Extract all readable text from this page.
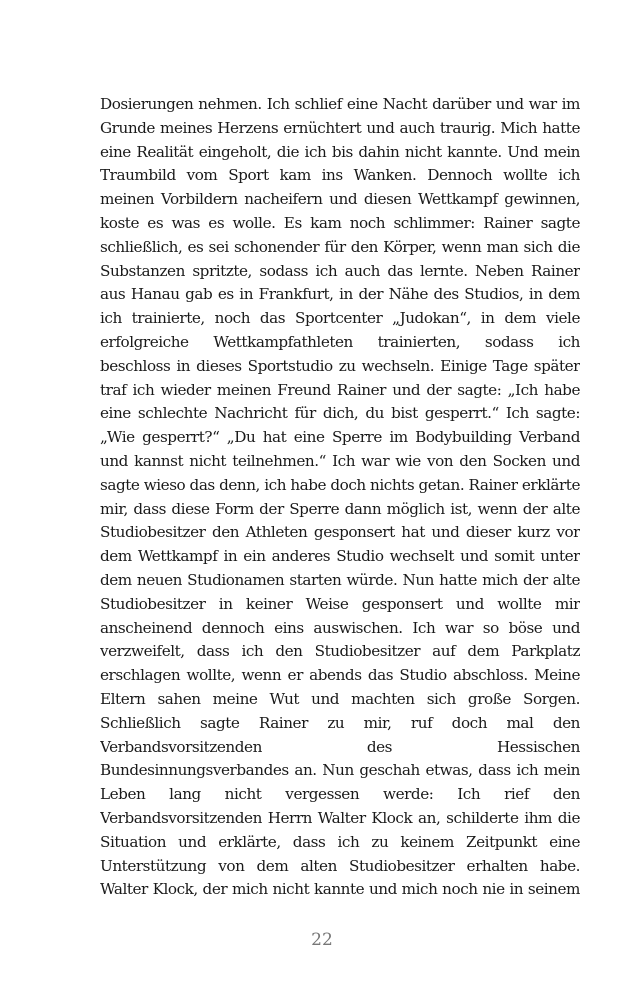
Dosierungen nehmen. Ich schlief eine Nacht darüber und war im
Grunde meines Herzens ernüchtert und auch traurig. Mich hatte
eine Realität eingeholt, die ich bis dahin nicht kannte. Und mein
Traumbild vom Sport kam ins Wanken. Dennoch wollte ich
meinen Vorbildern nacheifern und diesen Wettkampf gewinnen,
koste es was es wolle. Es kam noch schlimmer: Rainer sagte
schließlich, es sei schonender für den Körper, wenn man sich die
Substanzen spritzte, sodass ich auch das lernte. Neben Rainer
aus Hanau gab es in Frankfurt, in der Nähe des Studios, in dem
ich trainierte, noch das Sportcenter „Judokan“, in dem viele
erfolgreiche Wettkampfathleten trainierten, sodass ich
beschloss in dieses Sportstudio zu wechseln. Einige Tage später
traf ich wieder meinen Freund Rainer und der sagte: „Ich habe
eine schlechte Nachricht für dich, du bist gesperrt.“ Ich sagte:
„Wie gesperrt?“ „Du hat eine Sperre im Bodybuilding Verband
und kannst nicht teilnehmen.“ Ich war wie von den Socken und
sagte wieso das denn, ich habe doch nichts getan. Rainer erklärte
mir, dass diese Form der Sperre dann möglich ist, wenn der alte
Studiobesitzer den Athleten gesponsert hat und dieser kurz vor
dem Wettkampf in ein anderes Studio wechselt und somit unter
dem neuen Studionamen starten würde. Nun hatte mich der alte
Studiobesitzer in keiner Weise gesponsert und wollte mir
anscheinend dennoch eins auswischen. Ich war so böse und
verzweifelt, dass ich den Studiobesitzer auf dem Parkplatz
erschlagen wollte, wenn er abends das Studio abschloss. Meine
Eltern sahen meine Wut und machten sich große Sorgen.
Schließlich sagte Rainer zu mir, ruf doch mal den
Verbandsvorsitzenden des Hessischen
Bundesinnungsverbandes an. Nun geschah etwas, dass ich mein
Leben lang nicht vergessen werde: Ich rief den
Verbandsvorsitzenden Herrn Walter Klock an, schilderte ihm die
Situation und erklärte, dass ich zu keinem Zeitpunkt eine
Unterstützung von dem alten Studiobesitzer erhalten habe.
Walter Klock, der mich nicht kannte und mich noch nie in seinem
22
